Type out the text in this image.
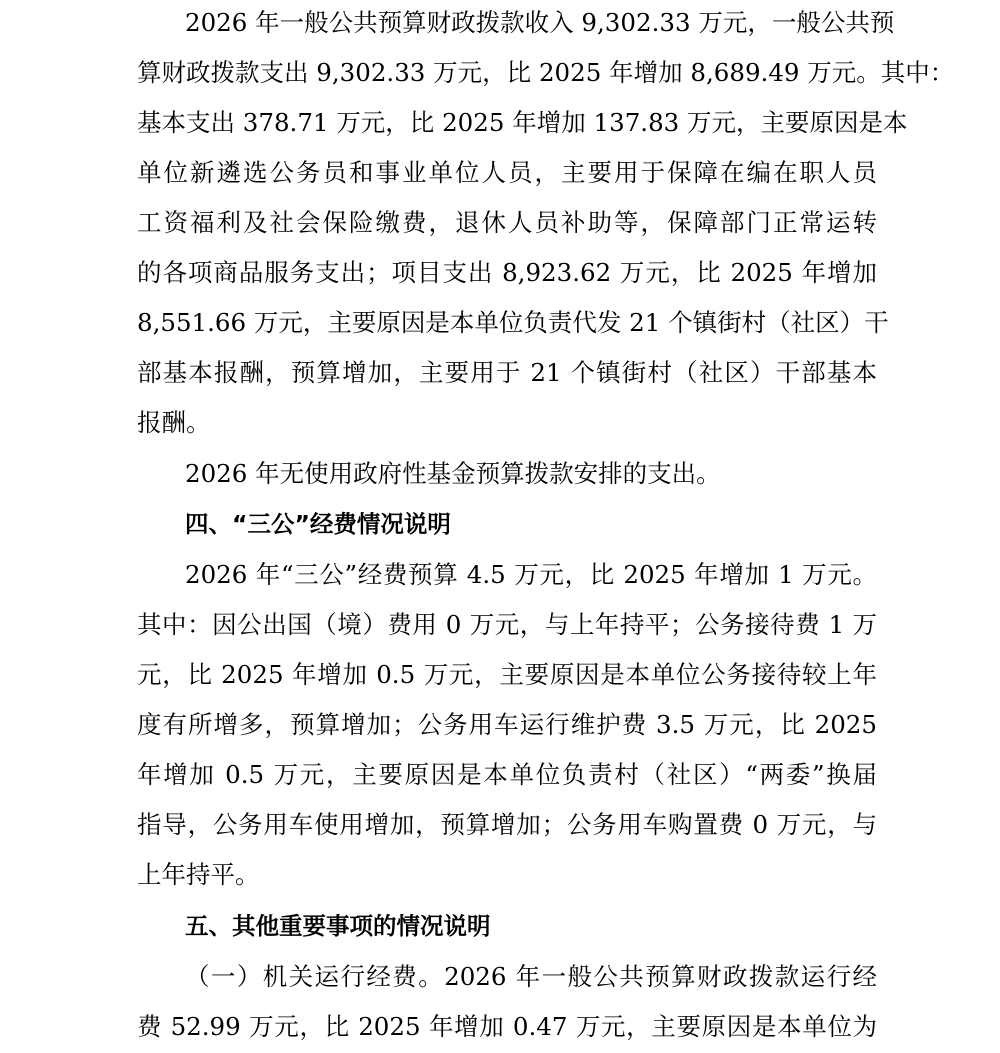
2026 年一般公共预算财政拨款收入 9,302.33 万元，一般公共预
算财政拨款支出 9,302.33 万元，比 2025 年增加 8,689.49 万元。其中：
基本支出 378.71 万元，比 2025 年增加 137.83 万元，主要原因是本
单位新遴选公务员和事业单位人员，主要用于保障在编在职人员
工资福利及社会保险缴费，退休人员补助等，保障部门正常运转
的各项商品服务支出；项目支出 8,923.62 万元，比 2025 年增加
8,551.66 万元，主要原因是本单位负责代发 21 个镇街村（社区）干
部基本报酬，预算增加，主要用于 21 个镇街村（社区）干部基本
报酬。
2026 年无使用政府性基金预算拨款安排的支出。
四、“三公”经费情况说明
2026 年“三公”经费预算 4.5 万元，比 2025 年增加 1 万元。
其中：因公出国（境）费用 0 万元，与上年持平；公务接待费 1 万
元，比 2025 年增加 0.5 万元，主要原因是本单位公务接待较上年
度有所增多，预算增加；公务用车运行维护费 3.5 万元，比 2025
年增加 0.5 万元，主要原因是本单位负责村（社区）“两委”换届
指导，公务用车使用增加，预算增加；公务用车购置费 0 万元，与
上年持平。
五、其他重要事项的情况说明
（一）机关运行经费。2026 年一般公共预算财政拨款运行经
费 52.99 万元，比 2025 年增加 0.47 万元，主要原因是本单位为
